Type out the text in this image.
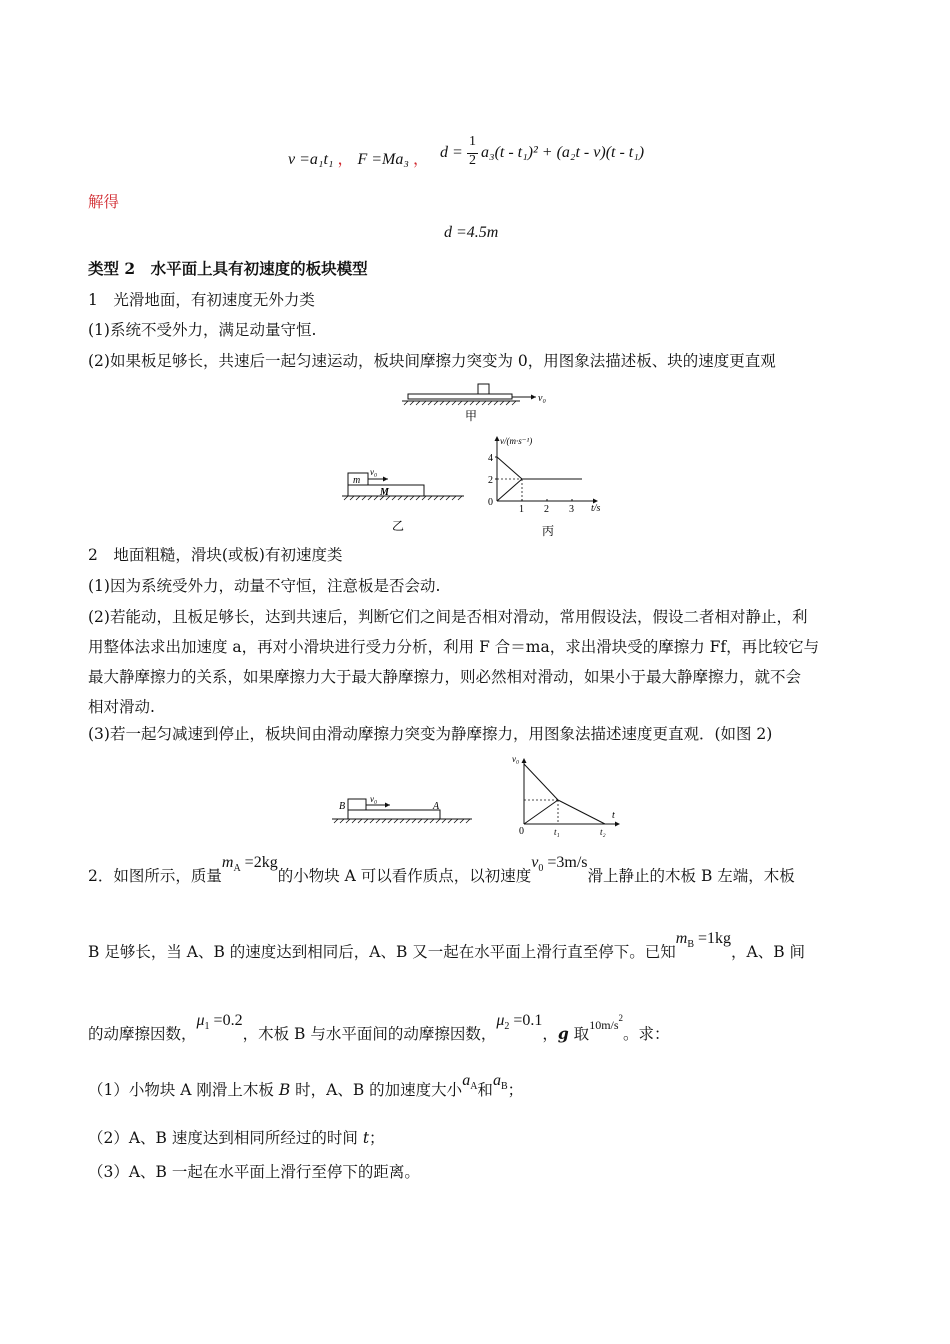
v =a₁t₁ ， F =Ma₃ ， d =
1
2 a₃(t - t₁)² + (a₂t - v)(t - t₁)
解得
d =4.5m
类型 2　水平面上具有初速度的板块模型
1　光滑地面，有初速度无外力类
(1)系统不受外力，满足动量守恒.
(2)如果板足够长，共速后一起匀速运动，板块间摩擦力突变为 0，用图象法描述板、块的速度更直观
v₀
甲
m
v₀
M
乙
v/(m·s⁻¹)
t/s
4
2
0
1 2 3
丙
2　地面粗糙，滑块(或板)有初速度类
(1)因为系统受外力，动量不守恒，注意板是否会动.
(2)若能动，且板足够长，达到共速后，判断它们之间是否相对滑动，常用假设法，假设二者相对静止，利
用整体法求出加速度 a，再对小滑块进行受力分析，利用 F 合＝ma，求出滑块受的摩擦力 Ff，再比较它与
最大静摩擦力的关系，如果摩擦力大于最大静摩擦力，则必然相对滑动，如果小于最大静摩擦力，就不会
相对滑动.
(3)若一起匀减速到停止，板块间由滑动摩擦力突变为静摩擦力，用图象法描述速度更直观．(如图 2)
B
v₀
A
v₀
t
0	t₁	t₂
2．如图所示，质量$m_A =2kg$的小物块 A 可以看作质点，以初速度$v_0 =3m/s$滑上静止的木板 B 左端，木板
B 足够长，当 A、B 的速度达到相同后，A、B 又一起在水平面上滑行直至停下。已知$m_B =1kg$，A、B 间
的动摩擦因数，$\mu_1 =0.2$，木板 B 与水平面间的动摩擦因数，$\mu_2 =0.1$，g 取$^{10m/s^2}$。求：
（1）小物块 A 刚滑上木板 B 时，A、B 的加速度大小$a_A$和$a_B$；
（2）A、B 速度达到相同所经过的时间 t；
（3）A、B 一起在水平面上滑行至停下的距离。
